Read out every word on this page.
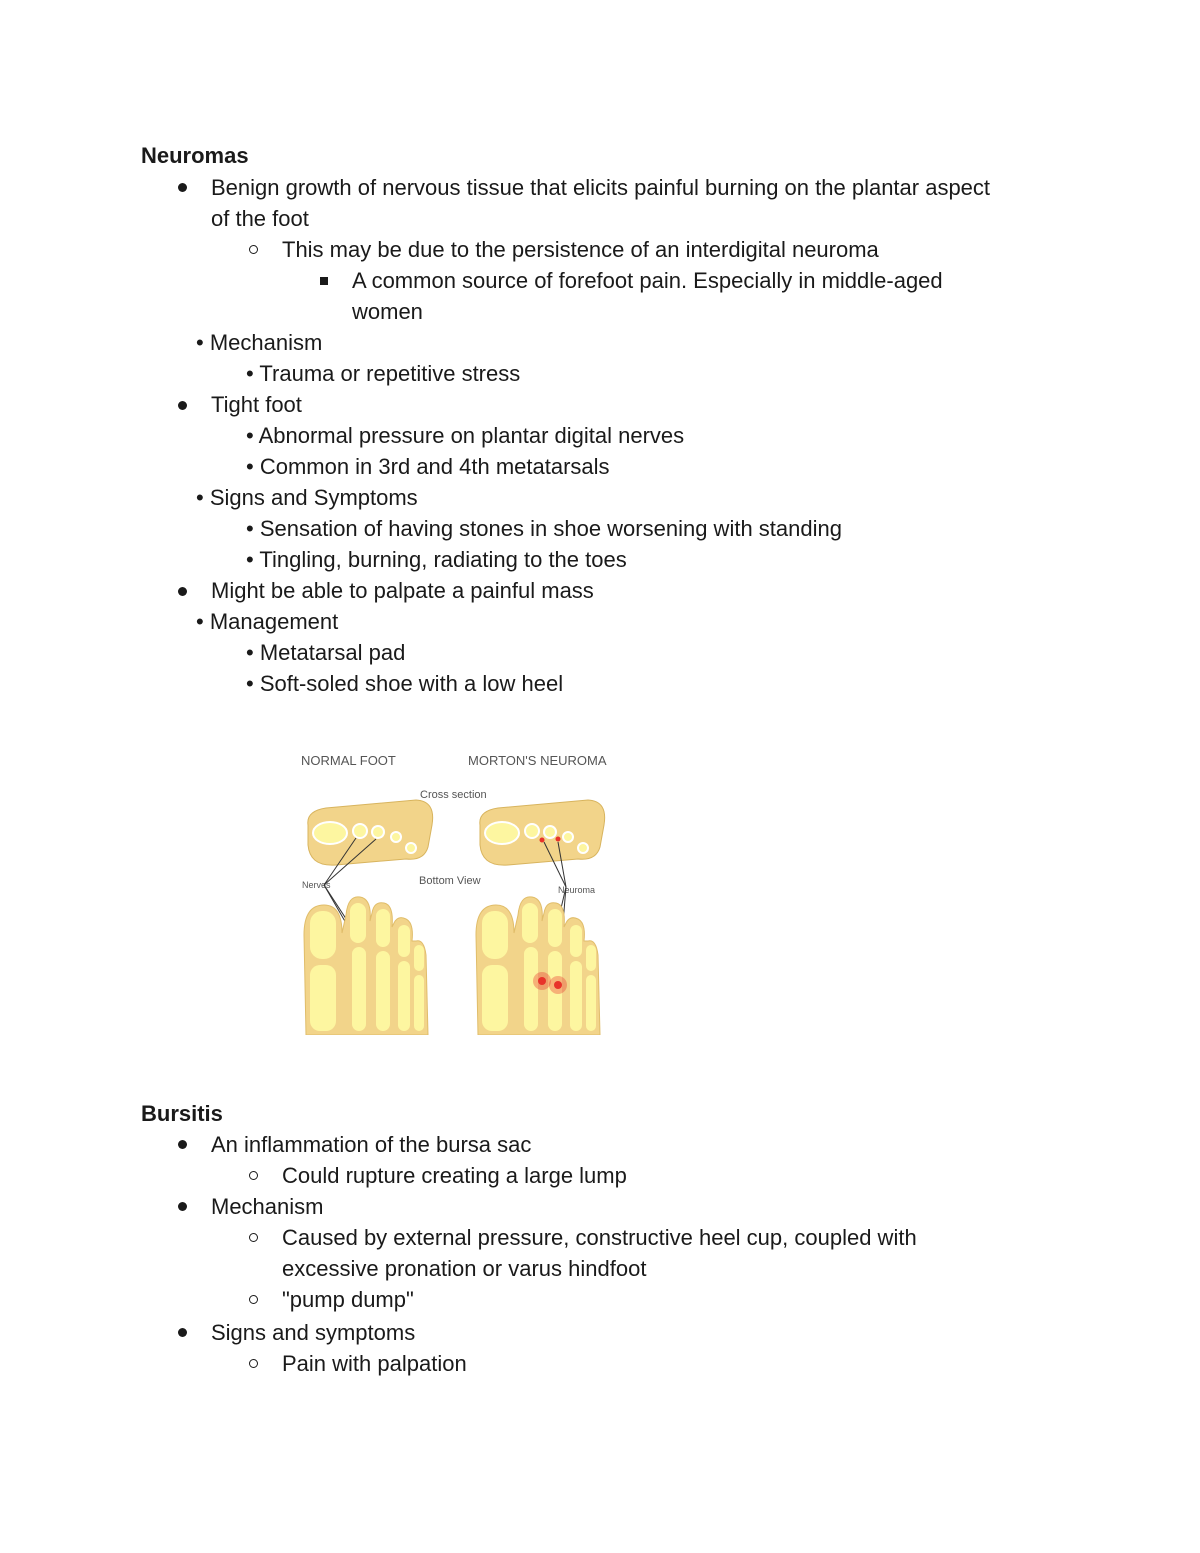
Neuromas
Benign growth of nervous tissue that elicits painful burning on the plantar aspect
of the foot
This may be due to the persistence of an interdigital neuroma
A common source of forefoot pain. Especially in middle-aged
women
• Mechanism
• Trauma or repetitive stress
Tight foot
• Abnormal pressure on plantar digital nerves
• Common in 3rd and 4th metatarsals
• Signs and Symptoms
• Sensation of having stones in shoe worsening with standing
• Tingling, burning, radiating to the toes
Might be able to palpate a painful mass
• Management
• Metatarsal pad
• Soft-soled shoe with a low heel
NORMAL FOOT	MORTON'S NEUROMA
Cross section
Bottom View
Nerves	Neuroma
Bursitis
An inflammation of the bursa sac
Could rupture creating a large lump
Mechanism
Caused by external pressure, constructive heel cup, coupled with
excessive pronation or varus hindfoot
"pump dump"
Signs and symptoms
Pain with palpation
